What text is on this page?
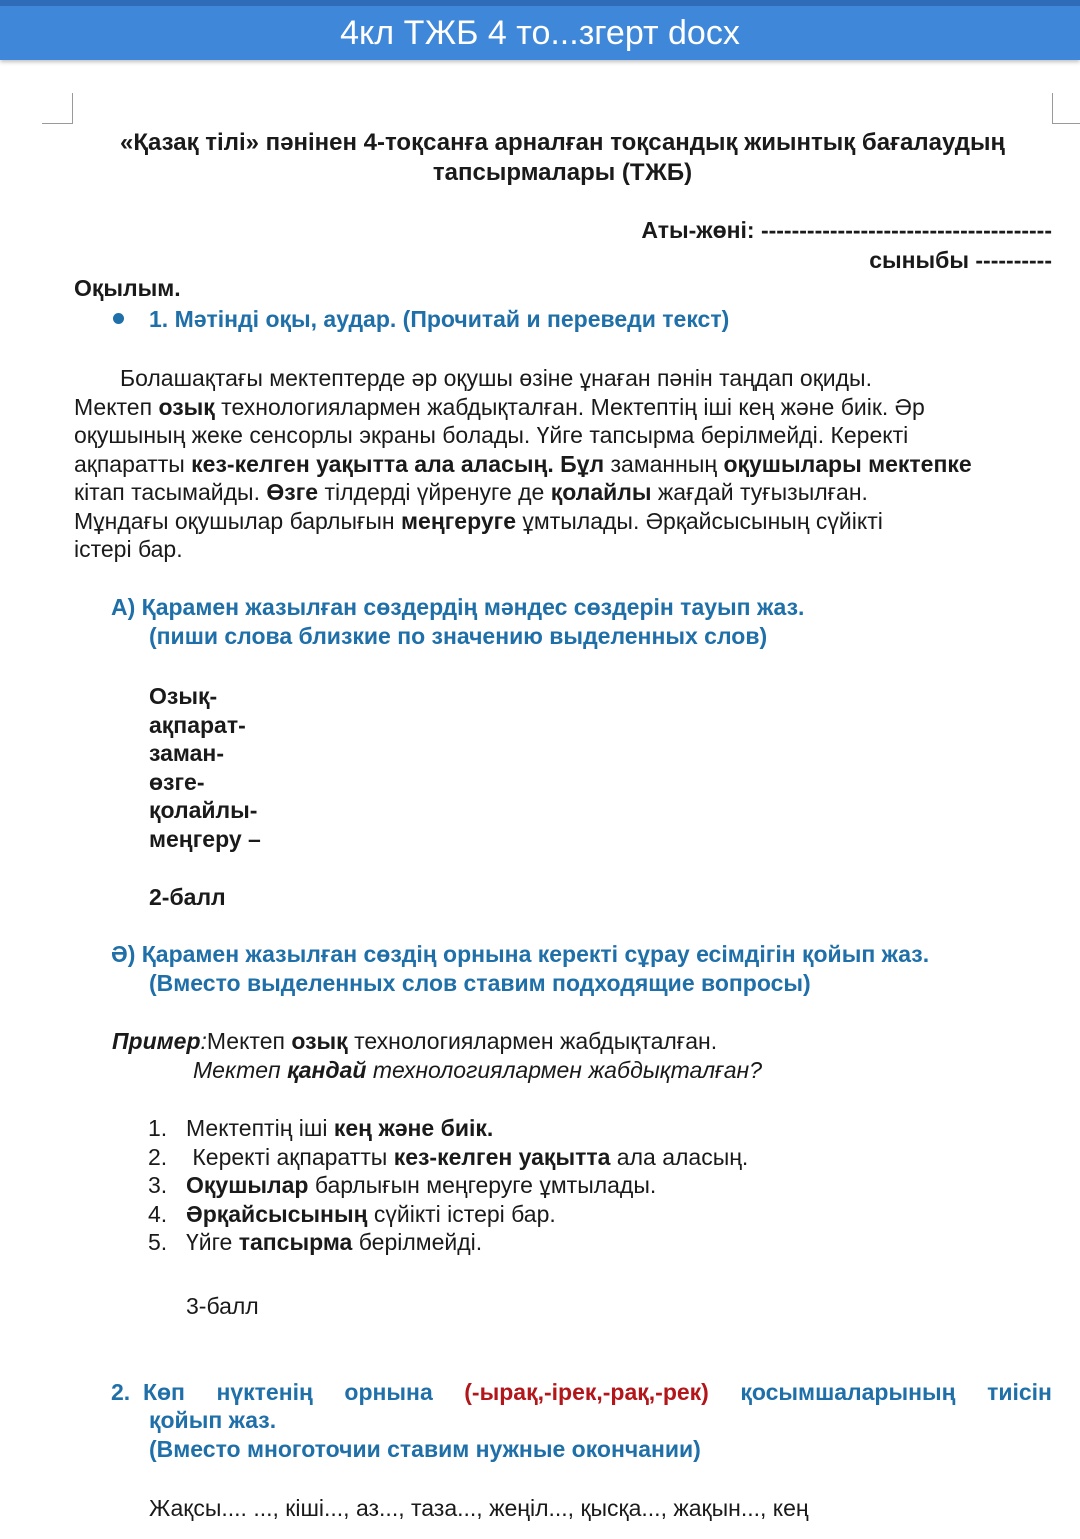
4кл ТЖБ 4 то...згерт docx
«Қазақ тілі» пәнінен 4-тоқсанға арналған тоқсандық жиынтық бағалаудың
тапсырмалары (ТЖБ)
Аты-жөні: --------------------------------------
сыныбы ----------
Оқылым.
1. Мәтінді оқы, аудар. (Прочитай и переведи текст)
  Болашақтағы мектептерде әр оқушы өзіне ұнаған пәнін таңдап оқиды.
Мектеп озық технологиялармен жабдықталған. Мектептің іші кең және биік. Әр
оқушының жеке сенсорлы экраны болады. Үйге тапсырма берілмейді. Керекті
ақпаратты кез-келген уақытта ала аласың. Бұл заманның оқушылары мектепке
кітап тасымайды. Өзге тілдерді үйренуге де қолайлы жағдай туғызылған.
Мұндағы оқушылар барлығын меңгеруге ұмтылады. Әрқайсысының сүйікті
істері бар.
А) Қарамен жазылған сөздердің мәндес сөздерін тауып жаз.
(пиши слова близкие по значению выделенных слов)
Озық-
ақпарат-
заман-
өзге-
қолайлы-
меңгеру –
2-балл
Ә) Қарамен жазылған сөздің орнына керекті сұрау есімдігін қойып жаз.
(Вместо выделенных слов ставим подходящие вопросы)
Пример:Мектеп озық технологиялармен жабдықталған.
Мектеп қандай технологиялармен жабдықталған?
1. Мектептің іші кең және биік.
2. Керекті ақпаратты кез-келген уақытта ала аласың.
3. Оқушылар барлығын меңгеруге ұмтылады.
4. Әрқайсысының сүйікті істері бар.
5. Үйге тапсырма берілмейді.
3-балл
2.  Көп нүктенің орнына (-ырақ,-ірек,-рақ,-рек) қосымшаларының тиісін
қойып жаз.
(Вместо многоточии ставим нужные окончании)
Жақсы.... ..., кіші..., аз..., таза..., жеңіл..., қысқа..., жақын..., кең
